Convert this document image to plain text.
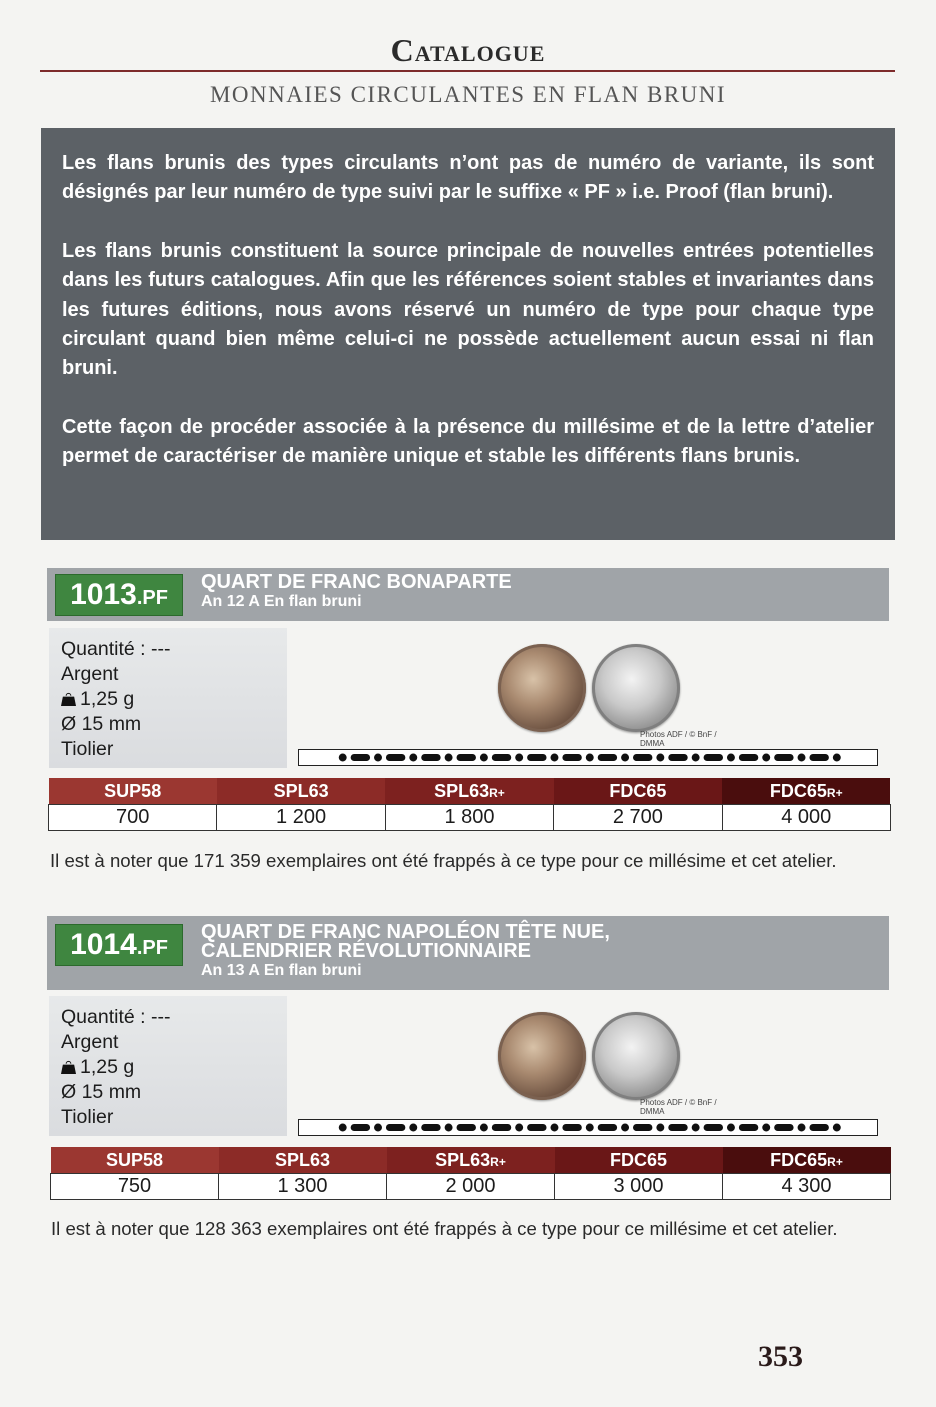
Catalogue
MONNAIES CIRCULANTES EN FLAN BRUNI

Les flans brunis des types circulants n’ont pas de numéro de variante, ils sont désignés par leur numéro de type suivi par le suffixe « PF » i.e. Proof (flan bruni).

Les flans brunis constituent la source principale de nouvelles entrées potentielles dans les futurs catalogues. Afin que les références soient stables et invariantes dans les futures éditions, nous avons réservé un numéro de type pour chaque type circulant quand bien même celui-ci ne possède actuellement aucun essai ni flan bruni.

Cette façon de procéder associée à la présence du millésime et de la lettre d’atelier permet de caractériser de manière unique et stable les différents flans brunis.

1013 .PF
QUART DE FRANC BONAPARTE
An 12 A En flan bruni
Quantité : ---
Argent
1,25 g
Ø 15 mm
Tiolier
Photos ADF / © BnF / DMMA
SUP58	SPL63	SPL63R+	FDC65	FDC65R+
700	1 200	1 800	2 700	4 000
Il est à noter que 171 359 exemplaires ont été frappés à ce type pour ce millésime et cet atelier.
1014 .PF
QUART DE FRANC NAPOLÉON TÊTE NUE,
CALENDRIER RÉVOLUTIONNAIRE
An 13 A En flan bruni
Quantité : ---
Argent
1,25 g
Ø 15 mm
Tiolier
Photos ADF / © BnF / DMMA
SUP58	SPL63	SPL63R+	FDC65	FDC65R+
750	1 300	2 000	3 000	4 300
Il est à noter que 128 363 exemplaires ont été frappés à ce type pour ce millésime et cet atelier.
353
